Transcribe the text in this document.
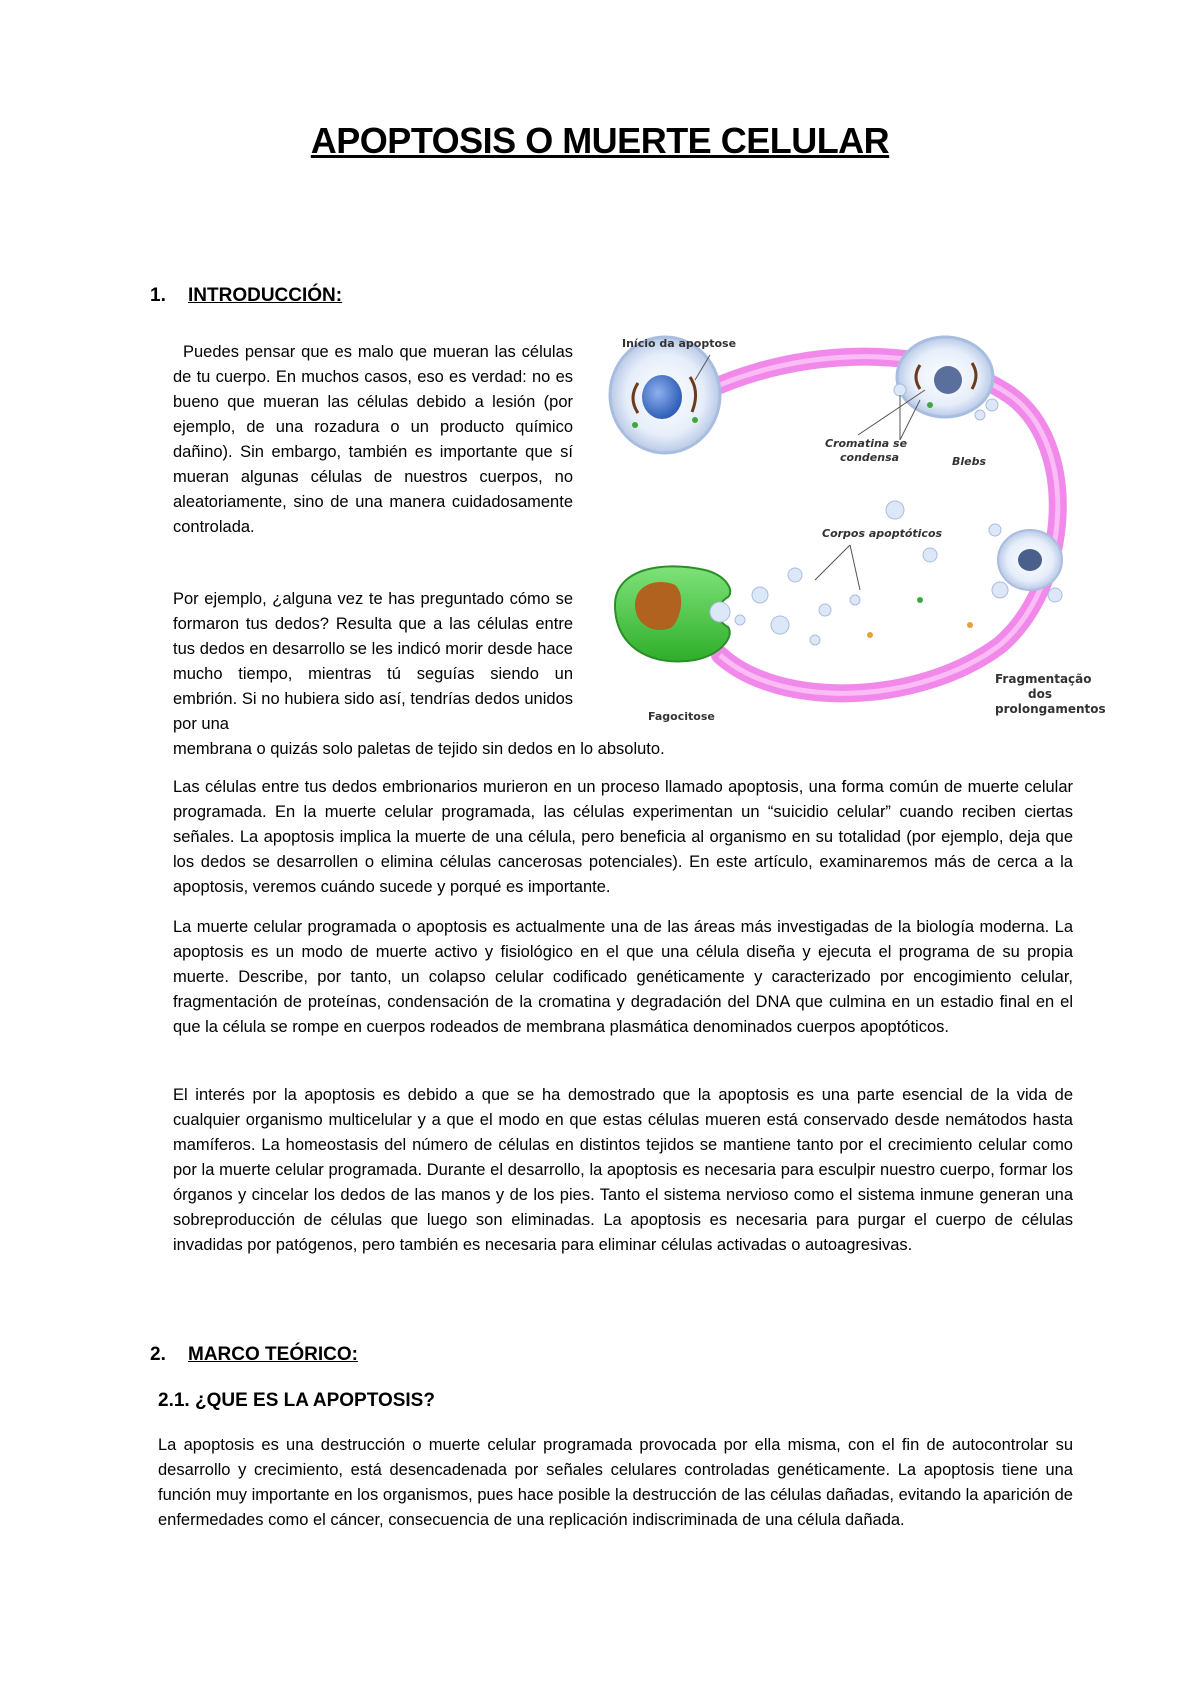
APOPTOSIS O MUERTE CELULAR
1. INTRODUCCIÓN:

Puedes pensar que es malo que mueran las células de tu cuerpo. En muchos casos, eso es verdad: no es bueno que mueran las células debido a lesión (por ejemplo, de una rozadura o un producto químico dañino). Sin embargo, también es importante que sí mueran algunas células de nuestros cuerpos, no aleatoriamente, sino de una manera cuidadosamente controlada.

Por ejemplo, ¿alguna vez te has preguntado cómo se formaron tus dedos? Resulta que a las células entre tus dedos en desarrollo se les indicó morir desde hace mucho tiempo, mientras tú seguías siendo un embrión. Si no hubiera sido así, tendrías dedos unidos por una

membrana o quizás solo paletas de tejido sin dedos en lo absoluto.

Início da apoptose
Cromatina se
condensa	Blebs
Corpos apoptóticos
Fragmentação
dos
prolongamentos
Fagocitose

Las células entre tus dedos embrionarios murieron en un proceso llamado apoptosis, una forma común de muerte celular programada. En la muerte celular programada, las células experimentan un “suicidio celular” cuando reciben ciertas señales. La apoptosis implica la muerte de una célula, pero beneficia al organismo en su totalidad (por ejemplo, deja que los dedos se desarrollen o elimina células cancerosas potenciales). En este artículo, examinaremos más de cerca a la apoptosis, veremos cuándo sucede y porqué es importante.

La muerte celular programada o apoptosis es actualmente una de las áreas más investigadas de la biología moderna. La apoptosis es un modo de muerte activo y fisiológico en el que una célula diseña y ejecuta el programa de su propia muerte. Describe, por tanto, un colapso celular codificado genéticamente y caracterizado por encogimiento celular, fragmentación de proteínas, condensación de la cromatina y degradación del DNA que culmina en un estadio final en el que la célula se rompe en cuerpos rodeados de membrana plasmática denominados cuerpos apoptóticos.

El interés por la apoptosis es debido a que se ha demostrado que la apoptosis es una parte esencial de la vida de cualquier organismo multicelular y a que el modo en que estas células mueren está conservado desde nemátodos hasta mamíferos. La homeostasis del número de células en distintos tejidos se mantiene tanto por el crecimiento celular como por la muerte celular programada. Durante el desarrollo, la apoptosis es necesaria para esculpir nuestro cuerpo, formar los órganos y cincelar los dedos de las manos y de los pies. Tanto el sistema nervioso como el sistema inmune generan una sobreproducción de células que luego son eliminadas. La apoptosis es necesaria para purgar el cuerpo de células invadidas por patógenos, pero también es necesaria para eliminar células activadas o autoagresivas.

2. MARCO TEÓRICO:
2.1. ¿QUE ES LA APOPTOSIS?

La apoptosis es una destrucción o muerte celular programada provocada por ella misma, con el fin de autocontrolar su desarrollo y crecimiento, está desencadenada por señales celulares controladas genéticamente. La apoptosis tiene una función muy importante en los organismos, pues hace posible la destrucción de las células dañadas, evitando la aparición de enfermedades como el cáncer, consecuencia de una replicación indiscriminada de una célula dañada.
